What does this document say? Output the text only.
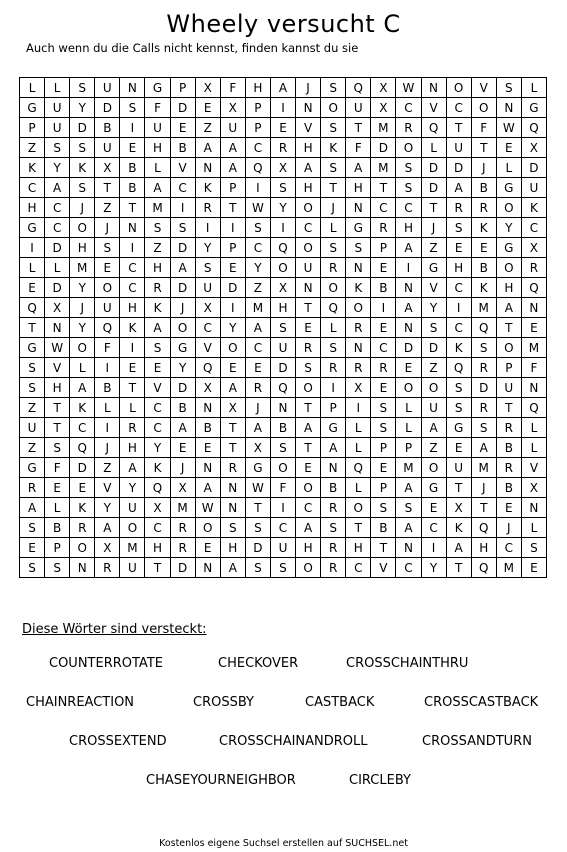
Wheely versucht C
Auch wenn du die Calls nicht kennst, finden kannst du sie
L	L	S	U	N	G	P	X	F	H	A	J	S	Q	X	W	N	O	V	S	L
G	U	Y	D	S	F	D	E	X	P	I	N	O	U	X	C	V	C	O	N	G
P	U	D	B	I	U	E	Z	U	P	E	V	S	T	M	R	Q	T	F	W	Q
Z	S	S	U	E	H	B	A	A	C	R	H	K	F	D	O	L	U	T	E	X
K	Y	K	X	B	L	V	N	A	Q	X	A	S	A	M	S	D	D	J	L	D
C	A	S	T	B	A	C	K	P	I	S	H	T	H	T	S	D	A	B	G	U
H	C	J	Z	T	M	I	R	T	W	Y	O	J	N	C	C	T	R	R	O	K
G	C	O	J	N	S	S	I	I	S	I	C	L	G	R	H	J	S	K	Y	C
I	D	H	S	I	Z	D	Y	P	C	Q	O	S	S	P	A	Z	E	E	G	X
L	L	M	E	C	H	A	S	E	Y	O	U	R	N	E	I	G	H	B	O	R
E	D	Y	O	C	R	D	U	D	Z	X	N	O	K	B	N	V	C	K	H	Q
Q	X	J	U	H	K	J	X	I	M	H	T	Q	O	I	A	Y	I	M	A	N
T	N	Y	Q	K	A	O	C	Y	A	S	E	L	R	E	N	S	C	Q	T	E
G	W	O	F	I	S	G	V	O	C	U	R	S	N	C	D	D	K	S	O	M
S	V	L	I	E	E	Y	Q	E	E	D	S	R	R	R	E	Z	Q	R	P	F
S	H	A	B	T	V	D	X	A	R	Q	O	I	X	E	O	O	S	D	U	N
Z	T	K	L	L	C	B	N	X	J	N	T	P	I	S	L	U	S	R	T	Q
U	T	C	I	R	C	A	B	T	A	B	A	G	L	S	L	A	G	S	R	L
Z	S	Q	J	H	Y	E	E	T	X	S	T	A	L	P	P	Z	E	A	B	L
G	F	D	Z	A	K	J	N	R	G	O	E	N	Q	E	M	O	U	M	R	V
R	E	E	V	Y	Q	X	A	N	W	F	O	B	L	P	A	G	T	J	B	X
A	L	K	Y	U	X	M	W	N	T	I	C	R	O	S	S	E	X	T	E	N
S	B	R	A	O	C	R	O	S	S	C	A	S	T	B	A	C	K	Q	J	L
E	P	O	X	M	H	R	E	H	D	U	H	R	H	T	N	I	A	H	C	S
S	S	N	R	U	T	D	N	A	S	S	O	R	C	V	C	Y	T	Q	M	E
Diese Wörter sind versteckt:
COUNTERROTATE	CHECKOVER	CROSSCHAINTHRU
CHAINREACTION	CROSSBY	CASTBACK	CROSSCASTBACK
CROSSEXTEND	CROSSCHAINANDROLL	CROSSANDTURN
CHASEYOURNEIGHBOR	CIRCLEBY
Kostenlos eigene Suchsel erstellen auf SUCHSEL.net
